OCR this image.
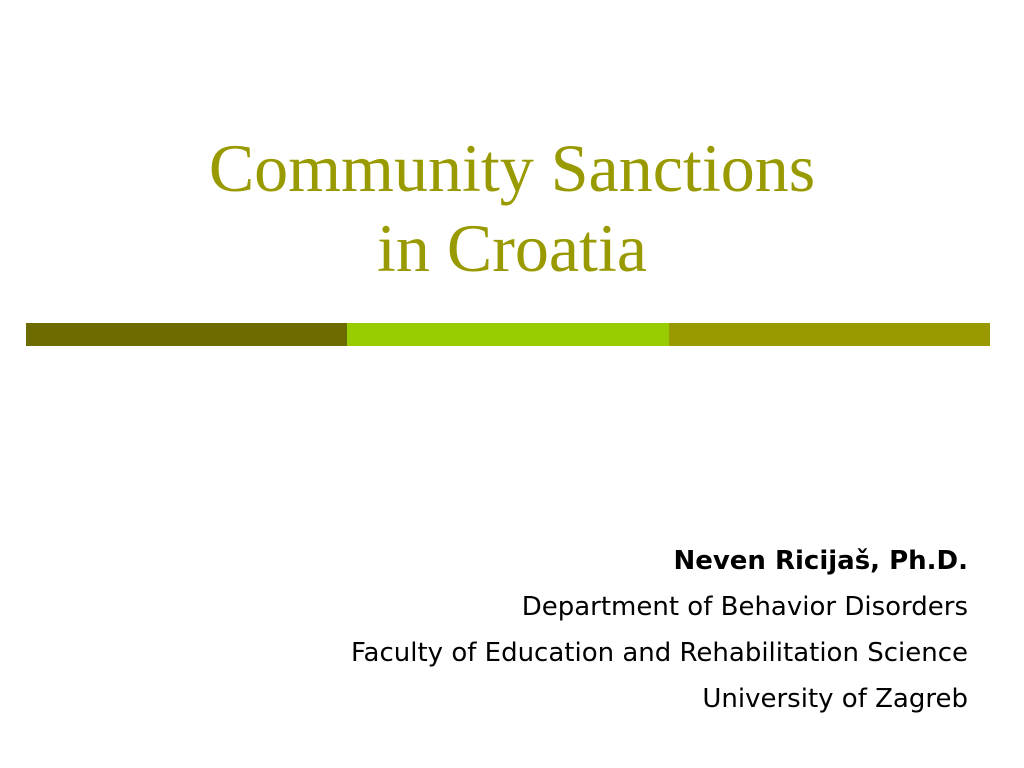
Community Sanctions
in Croatia
Neven Ricijaš, Ph.D.
Department of Behavior Disorders
Faculty of Education and Rehabilitation Science
University of Zagreb
